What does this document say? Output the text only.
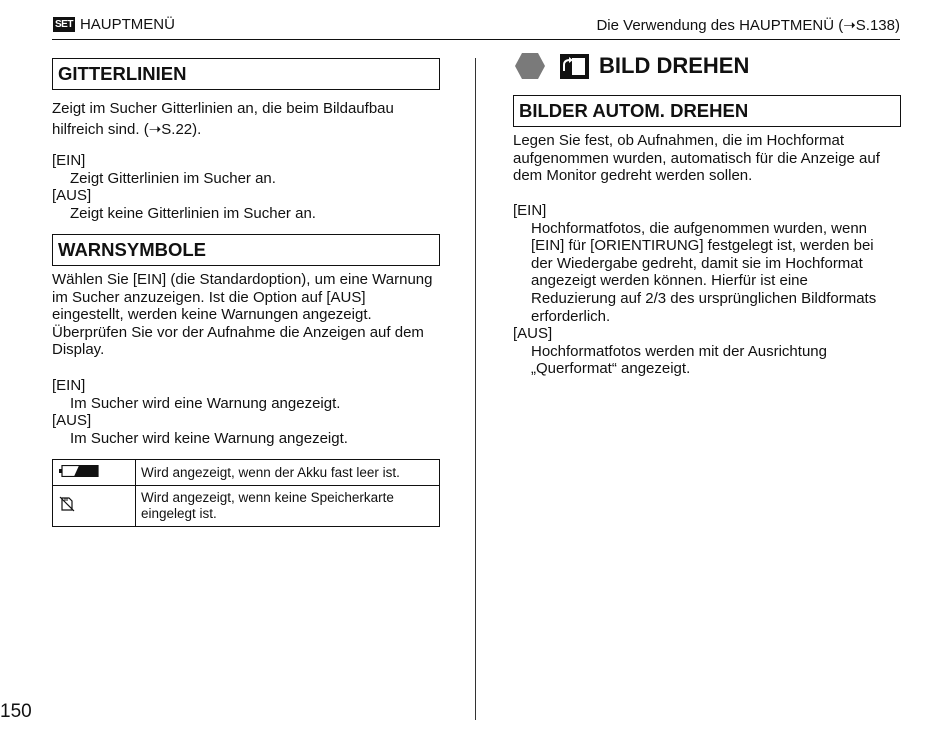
SET HAUPTMENÜ	Die Verwendung des HAUPTMENÜ (➝S.138)
GITTERLINIEN
Zeigt im Sucher Gitterlinien an, die beim Bildaufbau
hilfreich sind. (➝S.22).
[EIN]
Zeigt Gitterlinien im Sucher an.
[AUS]
Zeigt keine Gitterlinien im Sucher an.
WARNSYMBOLE
Wählen Sie [EIN] (die Standardoption), um eine Warnung
im Sucher anzuzeigen. Ist die Option auf [AUS]
eingestellt, werden keine Warnungen angezeigt.
Überprüfen Sie vor der Aufnahme die Anzeigen auf dem
Display.
[EIN]
Im Sucher wird eine Warnung angezeigt.
[AUS]
Im Sucher wird keine Warnung angezeigt.

Wird angezeigt, wenn der Akku fast leer ist.

Wird angezeigt, wenn keine Speicherkarte
eingelegt ist.
BILD DREHEN
BILDER AUTOM. DREHEN
Legen Sie fest, ob Aufnahmen, die im Hochformat
aufgenommen wurden, automatisch für die Anzeige auf
dem Monitor gedreht werden sollen.
[EIN]
Hochformatfotos, die aufgenommen wurden, wenn
[EIN] für [ORIENTIRUNG] festgelegt ist, werden bei
der Wiedergabe gedreht, damit sie im Hochformat
angezeigt werden können. Hierfür ist eine
Reduzierung auf 2/3 des ursprünglichen Bildformats
erforderlich.
[AUS]
Hochformatfotos werden mit der Ausrichtung
„Querformat“ angezeigt.
150
